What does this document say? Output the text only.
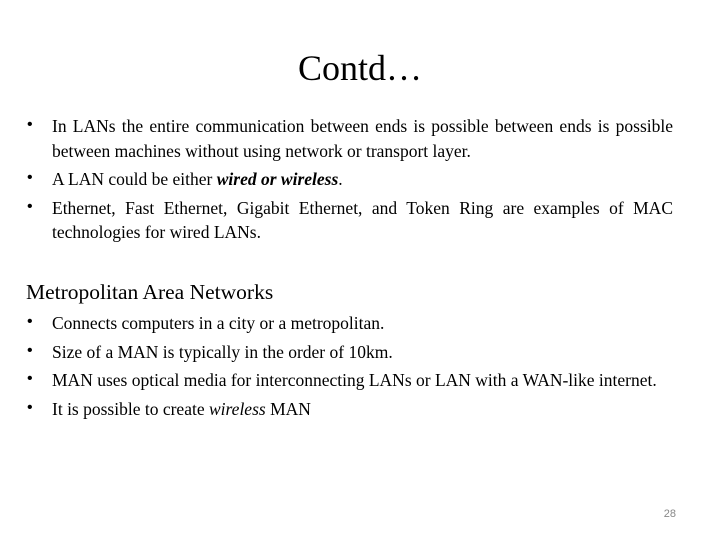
Contd…
• In LANs the entire communication between ends is possible between ends is possible between machines without using network or transport layer.
• A LAN could be either wired or wireless.
• Ethernet, Fast Ethernet, Gigabit Ethernet, and Token Ring are examples of MAC technologies for wired LANs.
Metropolitan Area Networks
• Connects computers in a city or a metropolitan.
• Size of a MAN is typically in the order of 10km.
• MAN uses optical media for interconnecting LANs or LAN with a WAN-like internet.
• It is possible to create wireless MAN
28
